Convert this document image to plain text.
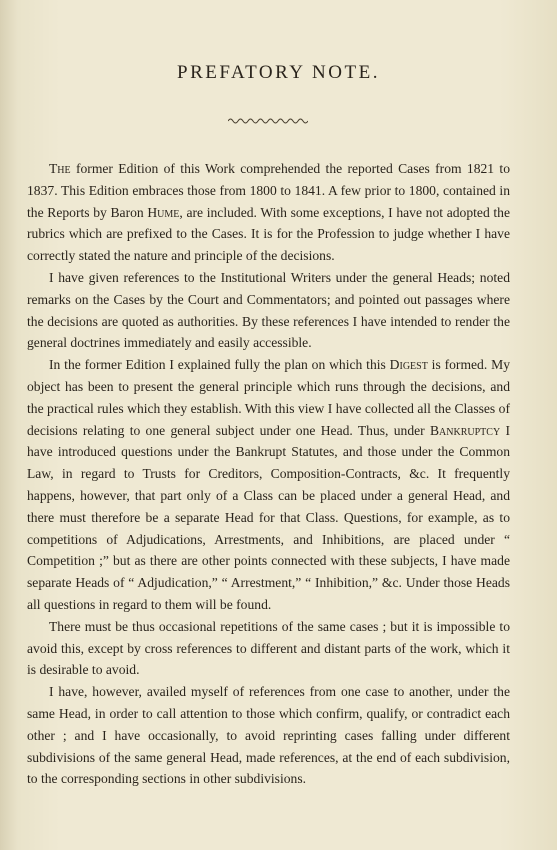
PREFATORY NOTE.

The former Edition of this Work comprehended the reported Cases from 1821 to 1837. This Edition embraces those from 1800 to 1841. A few prior to 1800, contained in the Reports by Baron Hume, are included. With some exceptions, I have not adopted the rubrics which are prefixed to the Cases. It is for the Profession to judge whether I have correctly stated the nature and principle of the decisions.

I have given references to the Institutional Writers under the general Heads; noted remarks on the Cases by the Court and Commentators; and pointed out passages where the decisions are quoted as authorities. By these references I have intended to render the general doctrines immediately and easily accessible.

In the former Edition I explained fully the plan on which this Digest is formed. My object has been to present the general principle which runs through the decisions, and the practical rules which they establish. With this view I have collected all the Classes of decisions relating to one general subject under one Head. Thus, under Bankruptcy I have introduced questions under the Bankrupt Statutes, and those under the Common Law, in regard to Trusts for Creditors, Composition-Contracts, &c. It frequently happens, however, that part only of a Class can be placed under a general Head, and there must therefore be a separate Head for that Class. Questions, for example, as to competitions of Adjudications, Arrestments, and Inhibitions, are placed under “ Competition ;” but as there are other points connected with these subjects, I have made separate Heads of “ Adjudication,” “ Arrestment,” “ Inhibition,” &c. Under those Heads all questions in regard to them will be found.

There must be thus occasional repetitions of the same cases ; but it is impossible to avoid this, except by cross references to different and distant parts of the work, which it is desirable to avoid.

I have, however, availed myself of references from one case to another, under the same Head, in order to call attention to those which confirm, qualify, or contradict each other ; and I have occasionally, to avoid reprinting cases falling under different subdivisions of the same general Head, made references, at the end of each subdivision, to the corresponding sections in other subdivisions.
